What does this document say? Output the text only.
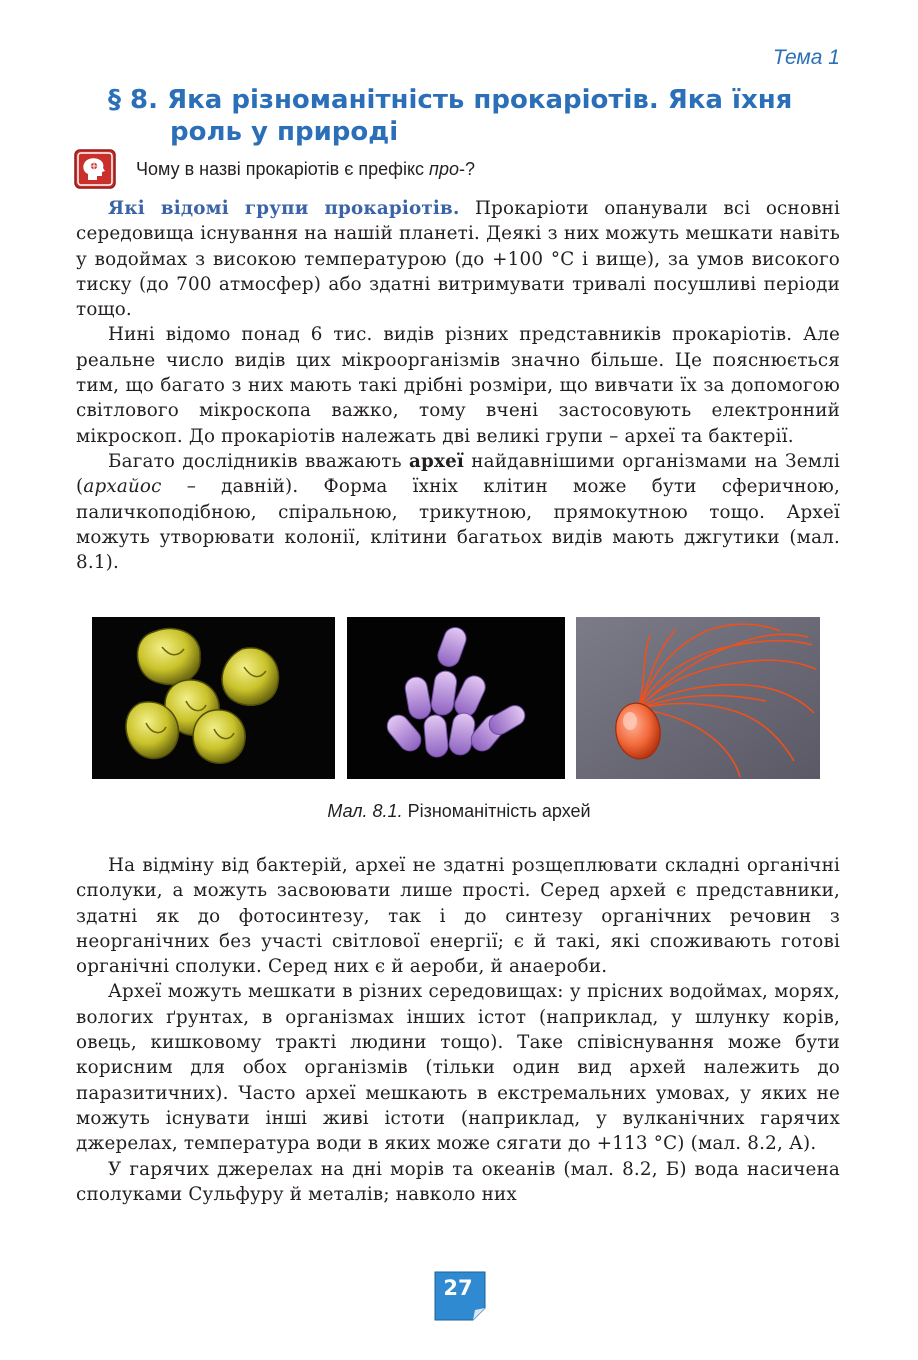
Тема 1
§ 8. Яка різноманітність прокаріотів. Яка їхня
роль у природі
Чому в назві прокаріотів є префікс про-?

Які відомі групи прокаріотів. Прокаріоти опанували всі основні середовища існування на нашій планеті. Деякі з них можуть мешкати навіть у водоймах з високою температурою (до +100 °С і вище), за умов високого тиску (до 700 атмосфер) або здатні витримувати тривалі посушливі періоди тощо.

Нині відомо понад 6 тис. видів різних представників прокаріотів. Але реальне число видів цих мікроорганізмів значно більше. Це пояснюється тим, що багато з них мають такі дрібні розміри, що вивчати їх за допомогою світлового мікроскопа важко, тому вчені застосовують електронний мікроскоп. До прокаріотів належать дві великі групи – археї та бактерії.

Багато дослідників вважають археї найдавнішими організмами на Землі (архайос – давній). Форма їхніх клітин може бути сферичною, паличкоподібною, спіральною, трикутною, прямокутною тощо. Археї можуть утворювати колонії, клітини багатьох видів мають джгутики (мал. 8.1).

Мал. 8.1. Різноманітність архей

На відміну від бактерій, археї не здатні розщеплювати складні органічні сполуки, а можуть засвоювати лише прості. Серед архей є представники, здатні як до фотосинтезу, так і до синтезу органічних речовин з неорганічних без участі світлової енергії; є й такі, які споживають готові органічні сполуки. Серед них є й аероби, й анаероби.

Археї можуть мешкати в різних середовищах: у прісних водоймах, морях, вологих ґрунтах, в організмах інших істот (наприклад, у шлунку корів, овець, кишковому тракті людини тощо). Таке співіснування може бути корисним для обох організмів (тільки один вид архей належить до паразитичних). Часто археї мешкають в екстремальних умовах, у яких не можуть існувати інші живі істоти (наприклад, у вулканічних гарячих джерелах, температура води в яких може сягати до +113 °С) (мал. 8.2, А).

У гарячих джерелах на дні морів та океанів (мал. 8.2, Б) вода насичена сполуками Сульфуру й металів; навколо них

27
